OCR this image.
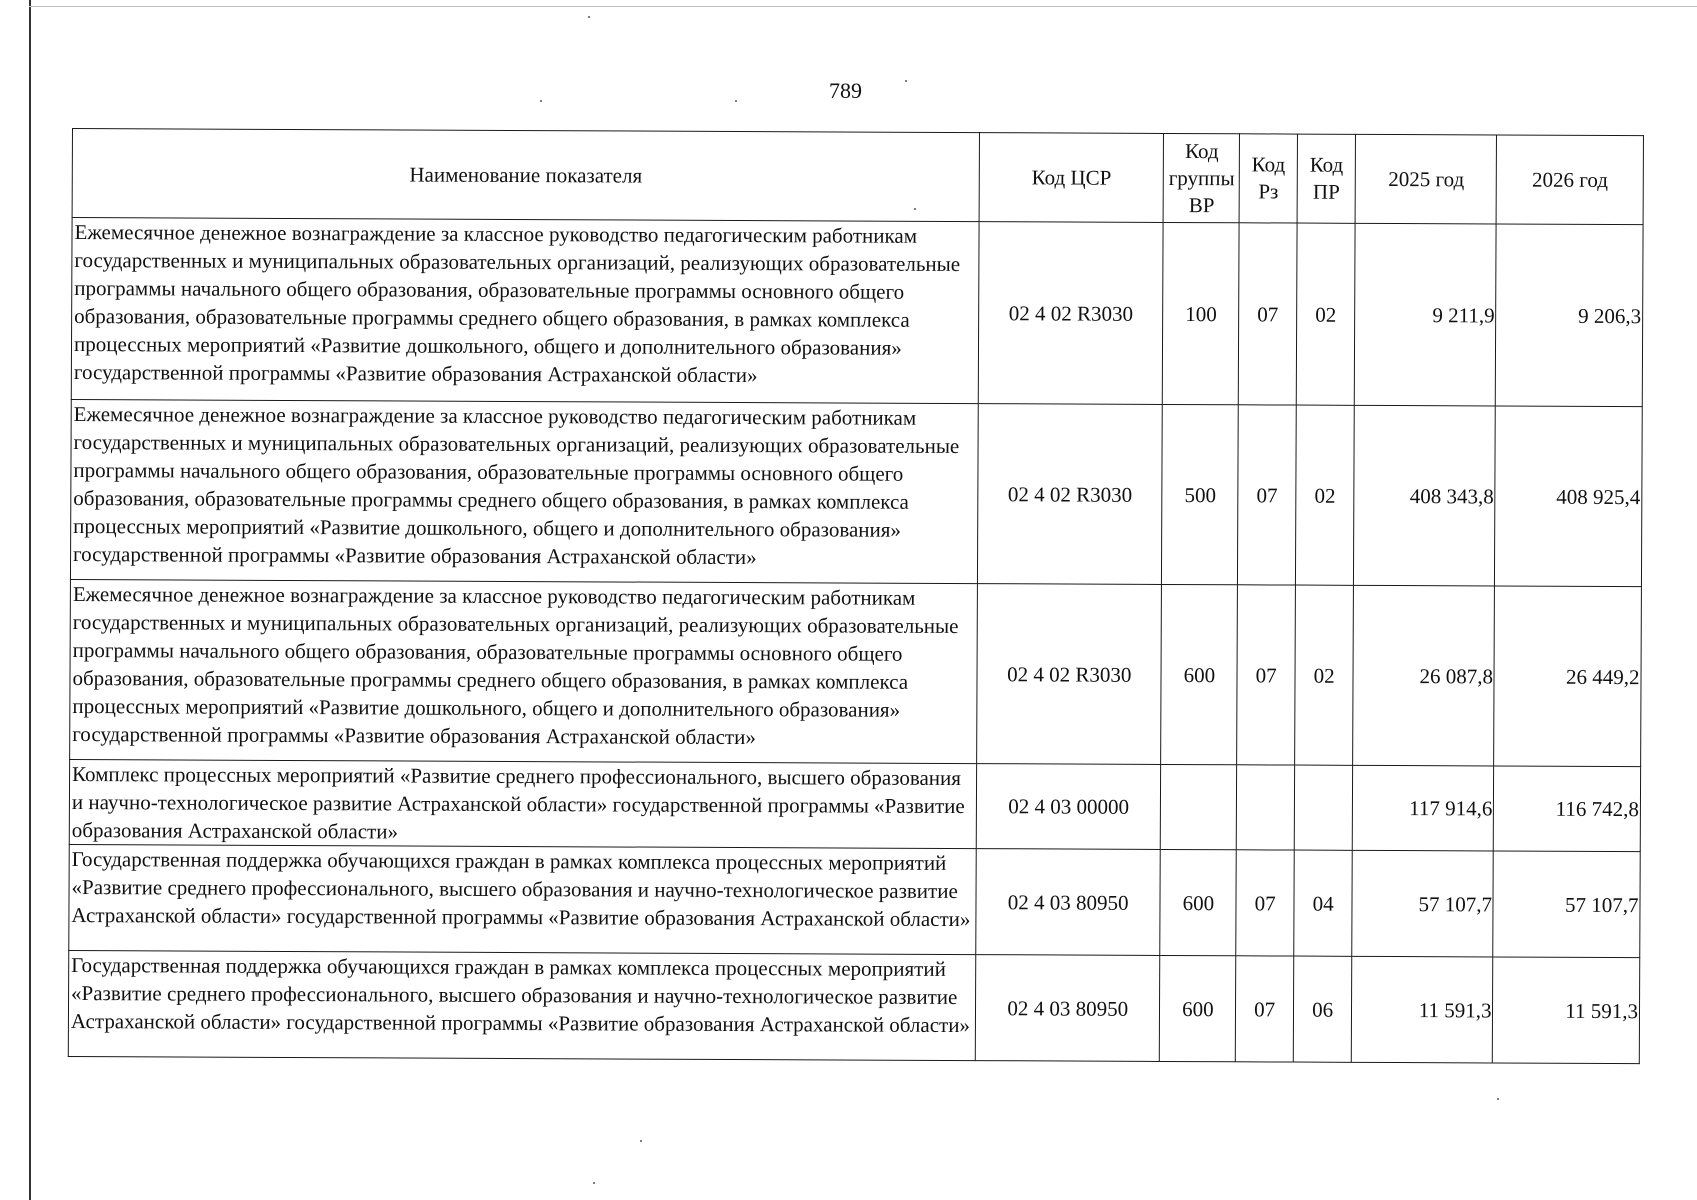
789
Наименование показателя	Код ЦСР	Код группы ВР	Код Рз	Код ПР	2025 год	2026 год
Ежемесячное денежное вознаграждение за классное руководство педагогическим работникам государственных и муниципальных образовательных организаций, реализующих образовательные программы начального общего образования, образовательные программы основного общего образования, образовательные программы среднего общего образования, в рамках комплекса процессных мероприятий «Развитие дошкольного, общего и дополнительного образования» государственной программы «Развитие образования Астраханской области»	02 4 02 R3030	100	07	02	9 211,9	9 206,3
Ежемесячное денежное вознаграждение за классное руководство педагогическим работникам государственных и муниципальных образовательных организаций, реализующих образовательные программы начального общего образования, образовательные программы основного общего образования, образовательные программы среднего общего образования, в рамках комплекса процессных мероприятий «Развитие дошкольного, общего и дополнительного образования» государственной программы «Развитие образования Астраханской области»	02 4 02 R3030	500	07	02	408 343,8	408 925,4
Ежемесячное денежное вознаграждение за классное руководство педагогическим работникам государственных и муниципальных образовательных организаций, реализующих образовательные программы начального общего образования, образовательные программы основного общего образования, образовательные программы среднего общего образования, в рамках комплекса процессных мероприятий «Развитие дошкольного, общего и дополнительного образования» государственной программы «Развитие образования Астраханской области»	02 4 02 R3030	600	07	02	26 087,8	26 449,2
Комплекс процессных мероприятий «Развитие среднего профессионального, высшего образования и научно-технологическое развитие Астраханской области» государственной программы «Развитие образования Астраханской области»	02 4 03 00000				117 914,6	116 742,8
Государственная поддержка обучающихся граждан в рамках комплекса процессных мероприятий «Развитие среднего профессионального, высшего образования и научно-технологическое развитие Астраханской области» государственной программы «Развитие образования Астраханской области»	02 4 03 80950	600	07	04	57 107,7	57 107,7
Государственная поддержка обучающихся граждан в рамках комплекса процессных мероприятий «Развитие среднего профессионального, высшего образования и научно-технологическое развитие Астраханской области» государственной программы «Развитие образования Астраханской области»	02 4 03 80950	600	07	06	11 591,3	11 591,3
